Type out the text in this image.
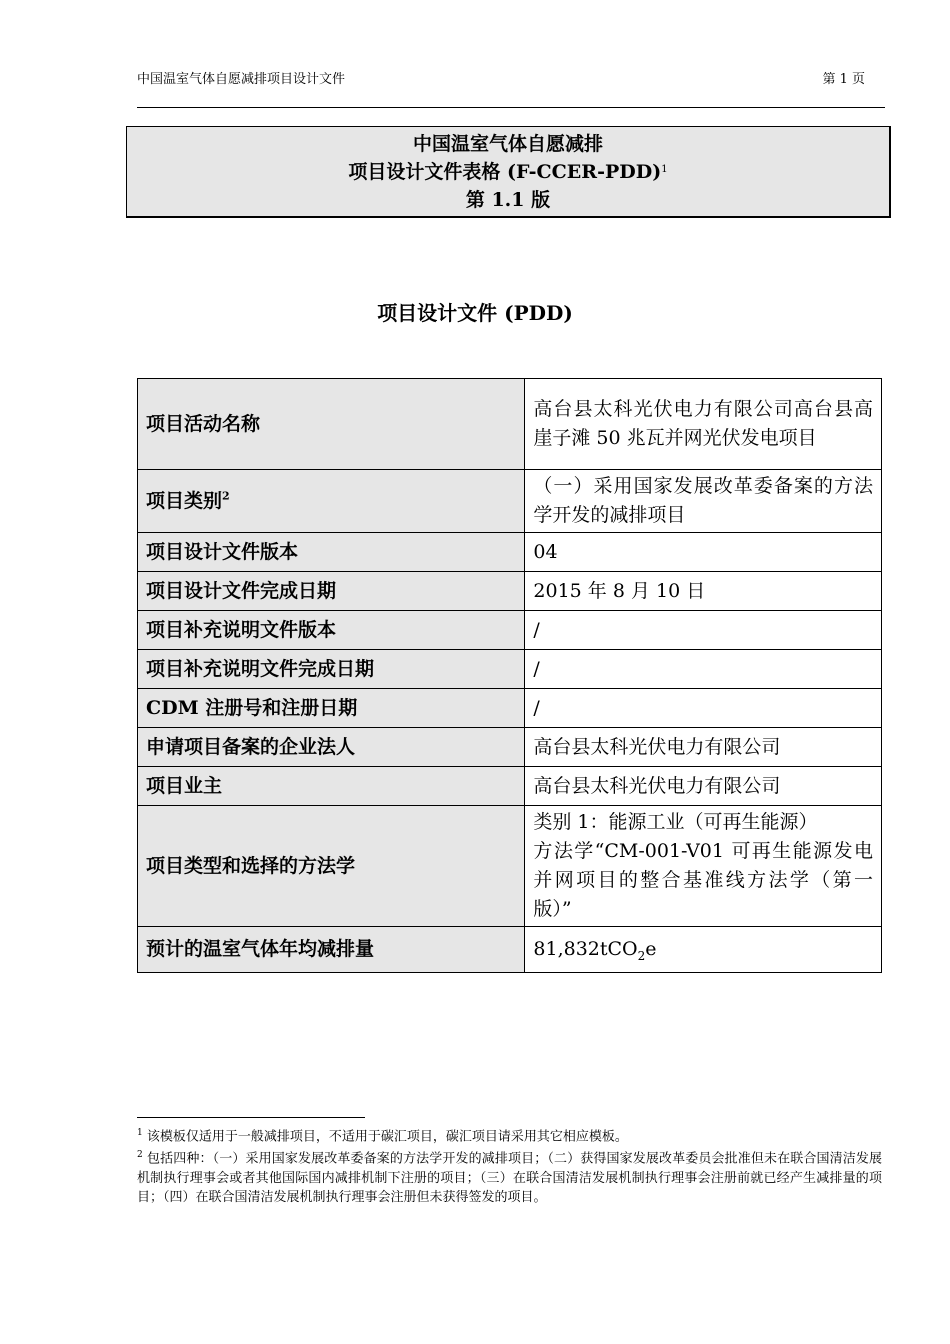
中国温室气体自愿减排项目设计文件	第 1 页
中国温室气体自愿减排
项目设计文件表格 (F-CCER-PDD)$^1$
第 1.1 版
项目设计文件 (PDD)
项目活动名称	高台县太科光伏电力有限公司高台县高崖子滩 50 兆瓦并网光伏发电项目
项目类别$^2$	（一）采用国家发展改革委备案的方法学开发的减排项目
项目设计文件版本	04
项目设计文件完成日期	2015 年 8 月 10 日
项目补充说明文件版本	/
项目补充说明文件完成日期	/
CDM 注册号和注册日期	/
申请项目备案的企业法人	高台县太科光伏电力有限公司
项目业主	高台县太科光伏电力有限公司
项目类型和选择的方法学	类别 1：能源工业（可再生能源）
方法学“CM-001-V01 可再生能源发电并网项目的整合基准线方法学（第一版）”
预计的温室气体年均减排量	81,832tCO$_2$e

$^1$ 该模板仅适用于一般减排项目，不适用于碳汇项目，碳汇项目请采用其它相应模板。

$^2$ 包括四种：（一）采用国家发展改革委备案的方法学开发的减排项目；（二）获得国家发展改革委员会批准但未在联合国清洁发展机制执行理事会或者其他国际国内减排机制下注册的项目；（三）在联合国清洁发展机制执行理事会注册前就已经产生减排量的项目；（四）在联合国清洁发展机制执行理事会注册但未获得签发的项目。
